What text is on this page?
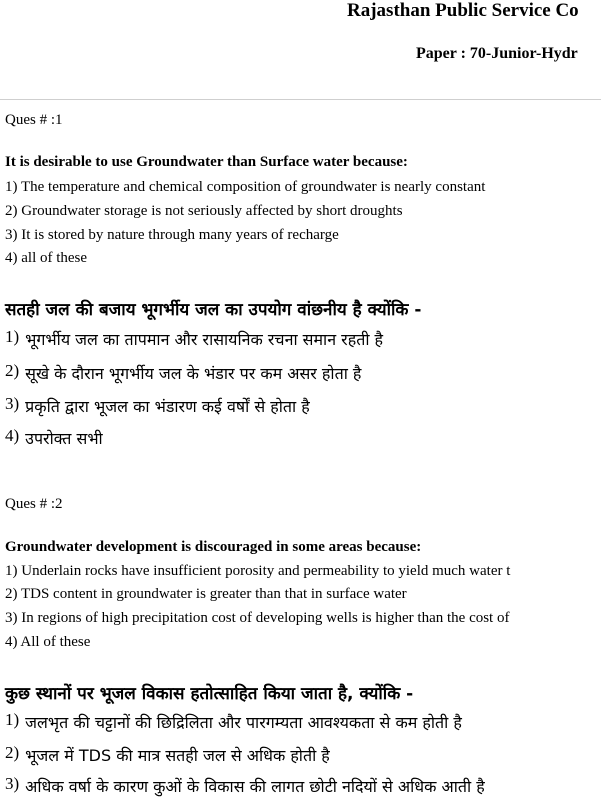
Rajasthan Public Service Co
Paper : 70-Junior-Hydr
Ques # :1
It is desirable to use Groundwater than Surface water because:
1) The temperature and chemical composition of groundwater is nearly constant
2) Groundwater storage is not seriously affected by short droughts
3) It is stored by nature through many years of recharge
4) all of these
सतही जल की बजाय भूगर्भीय जल का उपयोग वांछनीय है क्योंकि -
1) भूगर्भीय जल का तापमान और रासायनिक रचना समान रहती है
2) सूखे के दौरान भूगर्भीय जल के भंडार पर कम असर होता है
3) प्रकृति द्वारा भूजल का भंडारण कई वर्षों से होता है
4) उपरोक्त सभी
Ques # :2
Groundwater development is discouraged in some areas because:
1) Underlain rocks have insufficient porosity and permeability to yield much water t
2) TDS content in groundwater is greater than that in surface water
3) In regions of high precipitation cost of developing wells is higher than the cost of
4) All of these
कुछ स्थानों पर भूजल विकास हतोत्साहित किया जाता है, क्योंकि -
1) जलभृत की चट्टानों की छिद्रिलिता और पारगम्यता आवश्यकता से कम होती है
2) भूजल में TDS की मात्र सतही जल से अधिक होती है
3) अधिक वर्षा के कारण कुओं के विकास की लागत छोटी नदियों से अधिक आती है
